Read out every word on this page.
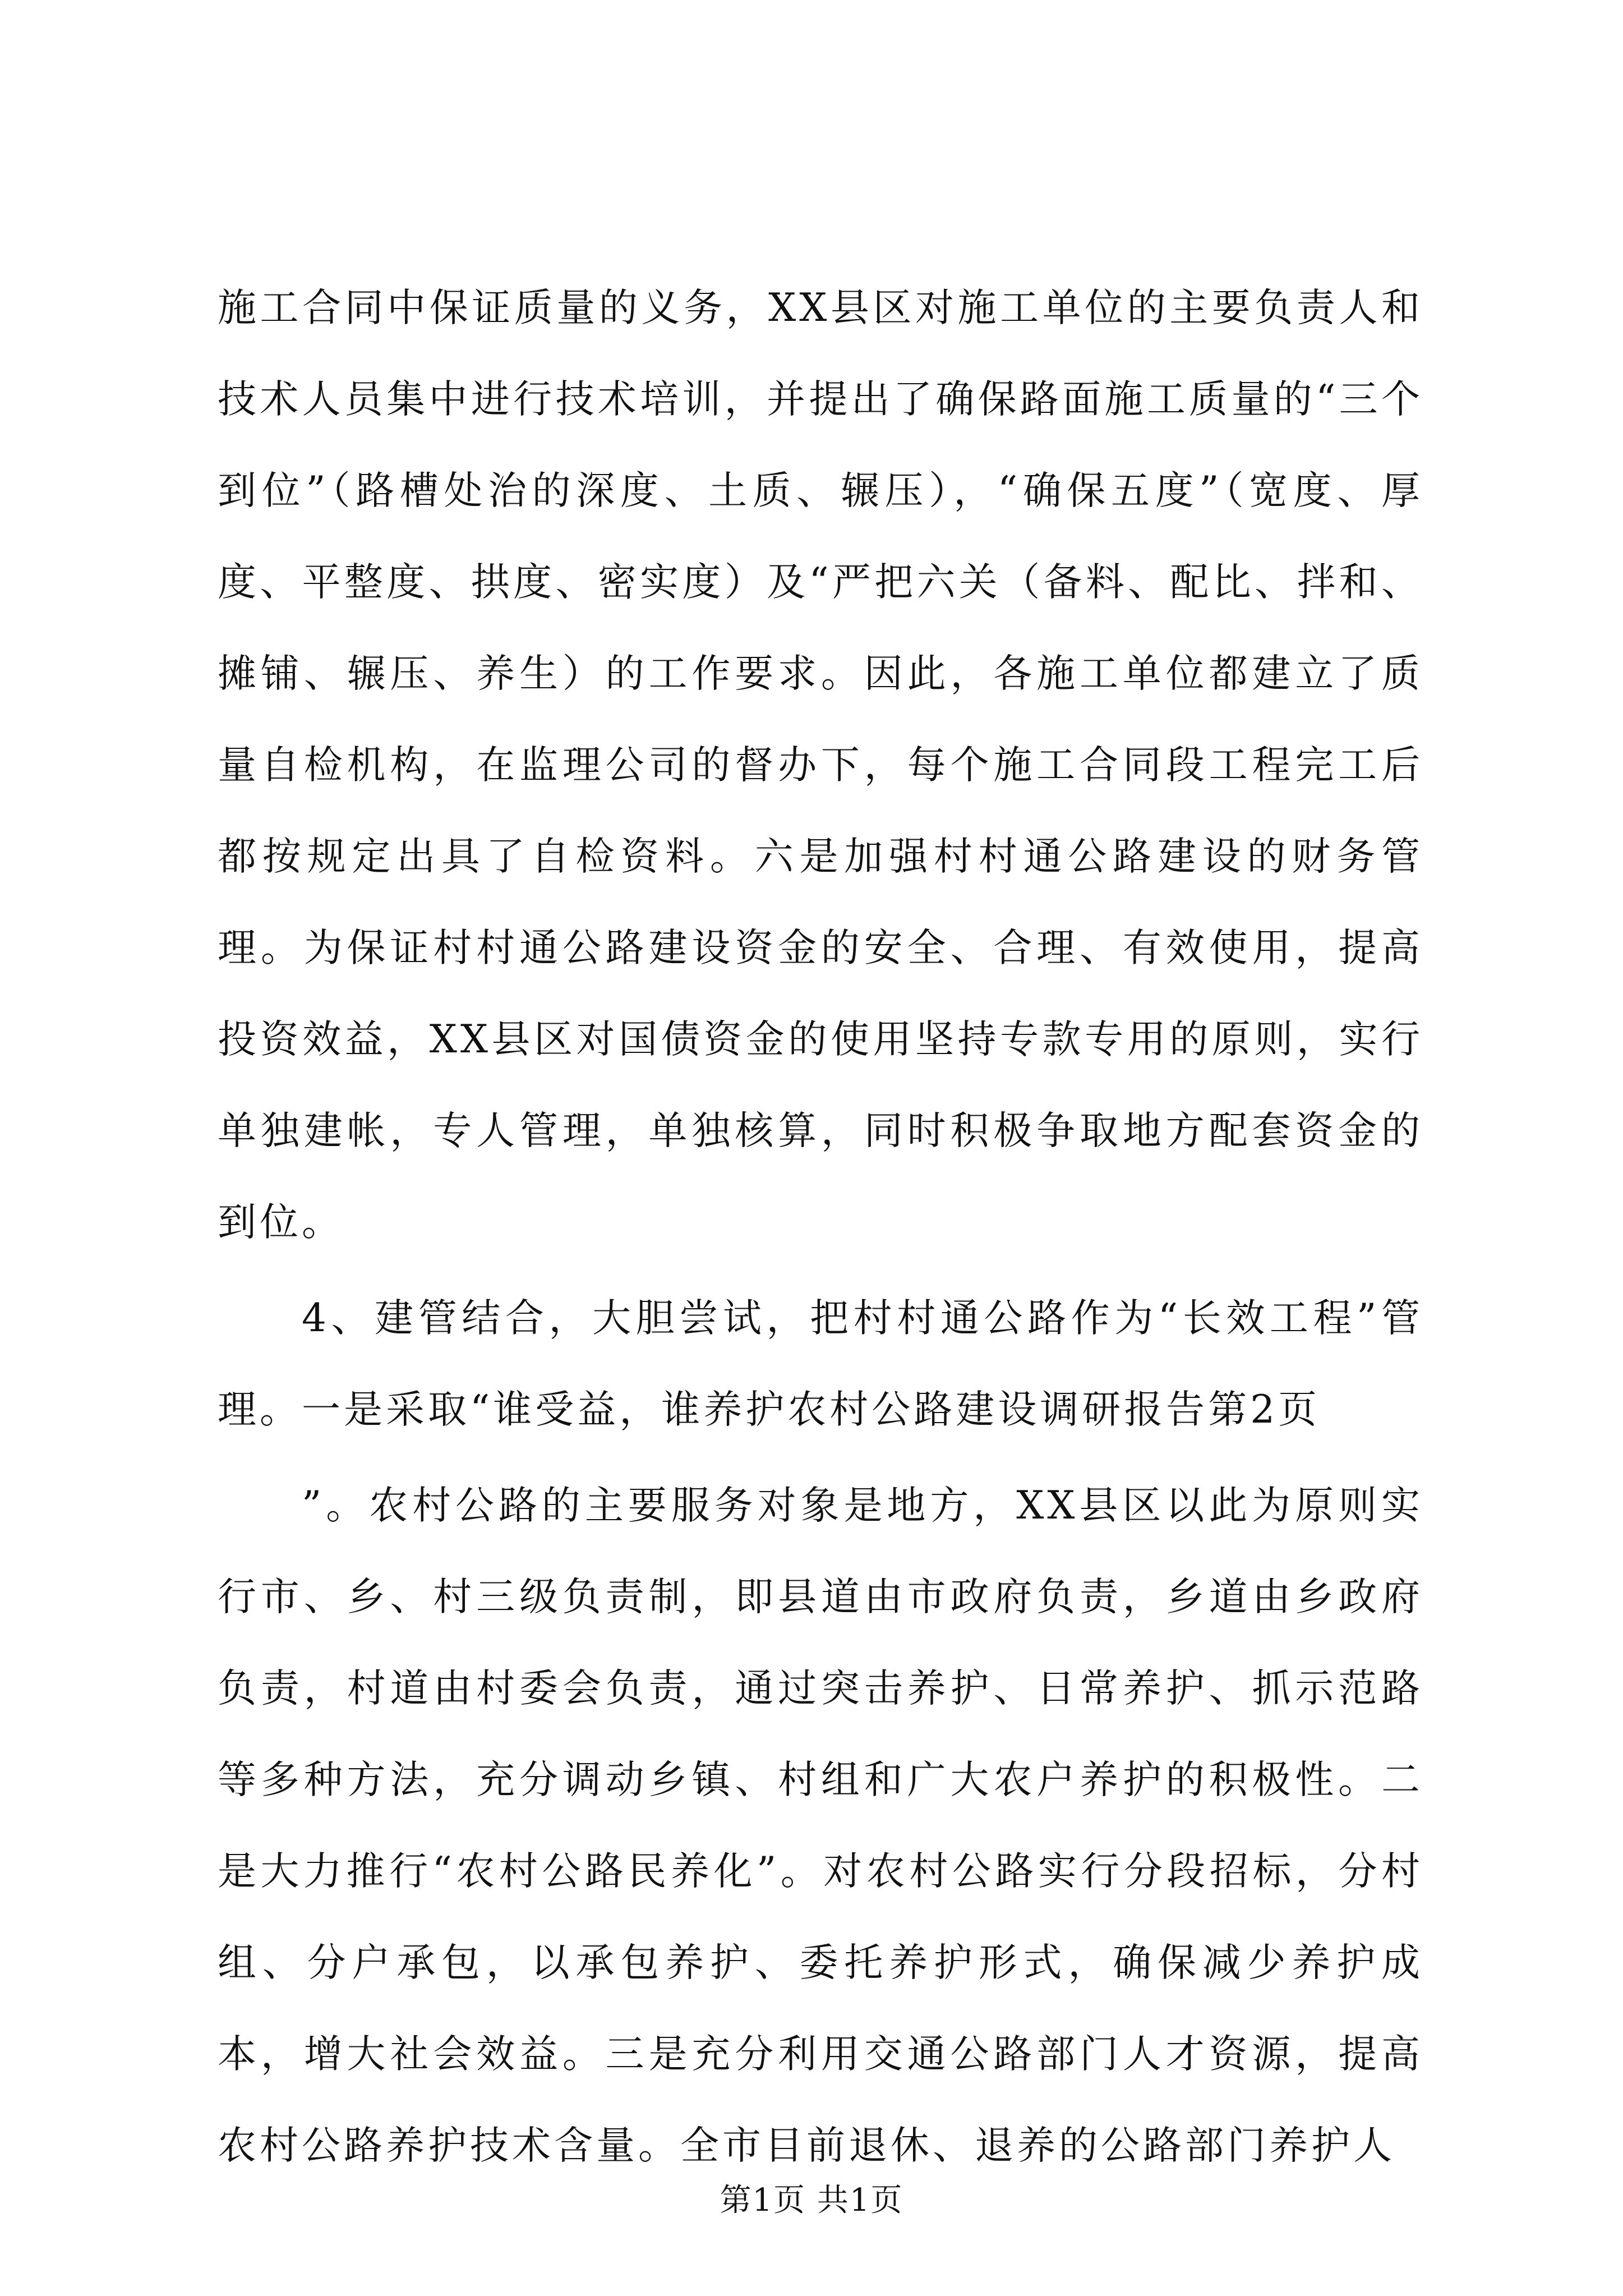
施工合同中保证质量的义务，XX县区对施工单位的主要负责人和技术人员集中进行技术培训，并提出了确保路面施工质量的“三个到位”（路槽处治的深度、土质、辗压），“确保五度”（宽度、厚度、平整度、拱度、密实度）及“严把六关（备料、配比、拌和、摊铺、辗压、养生）的工作要求。因此，各施工单位都建立了质量自检机构，在监理公司的督办下，每个施工合同段工程完工后都按规定出具了自检资料。六是加强村村通公路建设的财务管理。为保证村村通公路建设资金的安全、合理、有效使用，提高投资效益，XX县区对国债资金的使用坚持专款专用的原则，实行单独建帐，专人管理，单独核算，同时积极争取地方配套资金的到位。

4、建管结合，大胆尝试，把村村通公路作为“长效工程”管理。一是采取“谁受益，谁养护农村公路建设调研报告第2页

”。农村公路的主要服务对象是地方，XX县区以此为原则实行市、乡、村三级负责制，即县道由市政府负责，乡道由乡政府负责，村道由村委会负责，通过突击养护、日常养护、抓示范路等多种方法，充分调动乡镇、村组和广大农户养护的积极性。二是大力推行“农村公路民养化”。对农村公路实行分段招标，分村组、分户承包，以承包养护、委托养护形式，确保减少养护成本，增大社会效益。三是充分利用交通公路部门人才资源，提高农村公路养护技术含量。全市目前退休、退养的公路部门养护人

第1页 共1页
